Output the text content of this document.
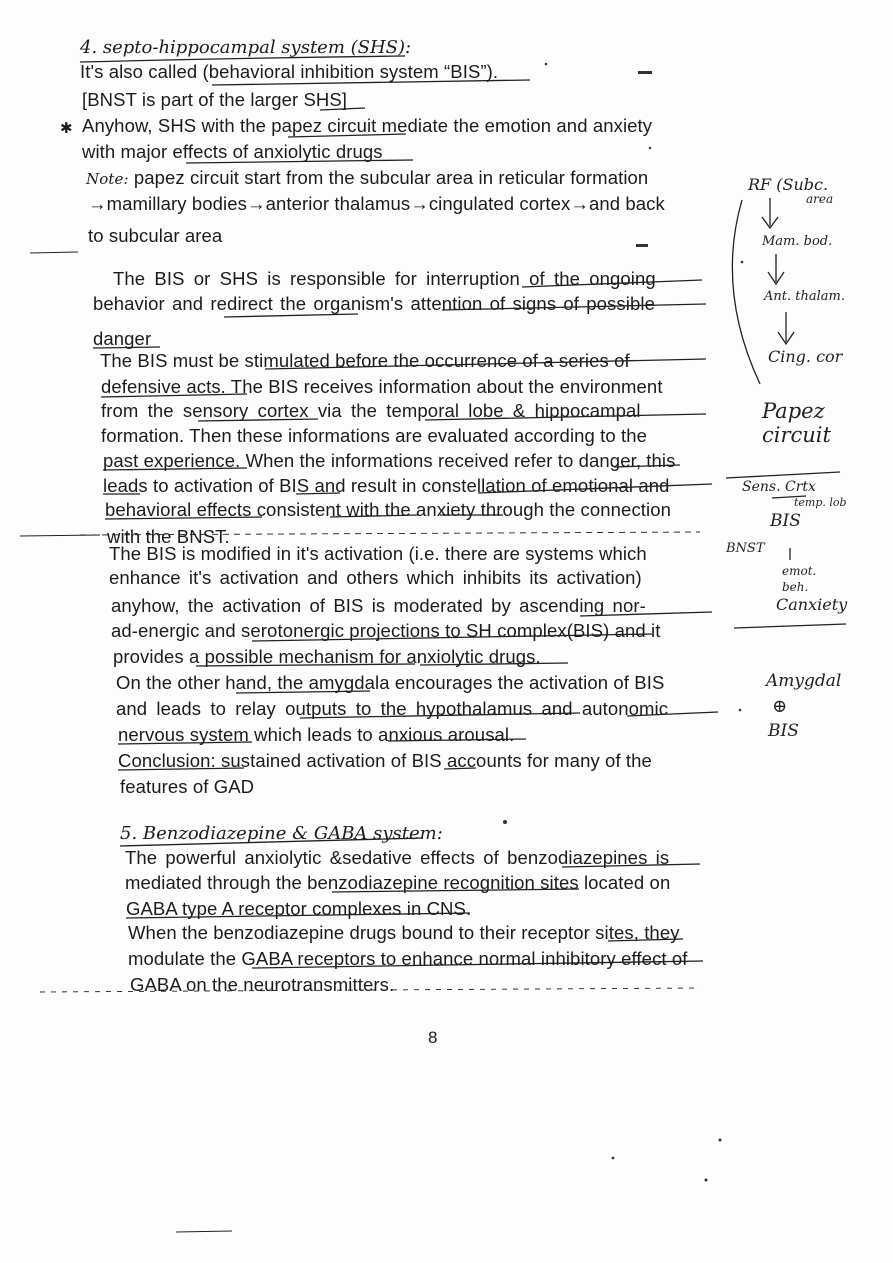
4. septo-hippocampal system (SHS):
It's also called (behavioral inhibition system “BIS”).
[BNST is part of the larger SHS]
✱ Anyhow, SHS with the papez circuit mediate the emotion and anxiety
with major effects of anxiolytic drugs
Note: papez circuit start from the subcular area in reticular formation
→mamillary bodies→anterior thalamus→cingulated cortex→and back
to subcular area
The BIS or SHS is responsible for interruption of the ongoing
behavior and redirect the organism's attention of signs of possible
danger
The BIS must be stimulated before the occurrence of a series of
defensive acts. The BIS receives information about the environment
from the sensory cortex via the temporal lobe & hippocampal
formation. Then these informations are evaluated according to the
past experience. When the informations received refer to danger, this
leads to activation of BIS and result in constellation of emotional and
behavioral effects consistent with the anxiety through the connection
with the BNST.
The BIS is modified in it's activation (i.e. there are systems which
enhance it's activation and others which inhibits its activation)
anyhow, the activation of BIS is moderated by ascending nor-
ad-energic and serotonergic projections to SH complex(BIS) and it
provides a possible mechanism for anxiolytic drugs.
On the other hand, the amygdala encourages the activation of BIS
and leads to relay outputs to the hypothalamus and autonomic
nervous system which leads to anxious arousal.
Conclusion: sustained activation of BIS accounts for many of the
features of GAD
5. Benzodiazepine & GABA system:
The powerful anxiolytic &sedative effects of benzodiazepines is
mediated through the benzodiazepine recognition sites located on
GABA type A receptor complexes in CNS.
When the benzodiazepine drugs bound to their receptor sites, they
modulate the GABA receptors to enhance normal inhibitory effect of
GABA on the neurotransmitters.
8
RF (Subc.
area
Mam. bod.
Ant. thalam.
Cing. cor
Papez
circuit
Sens. Crtx
temp. lob
BIS
BNST
emot.
beh.
Canxiety
Amygdal
⊕
BIS
